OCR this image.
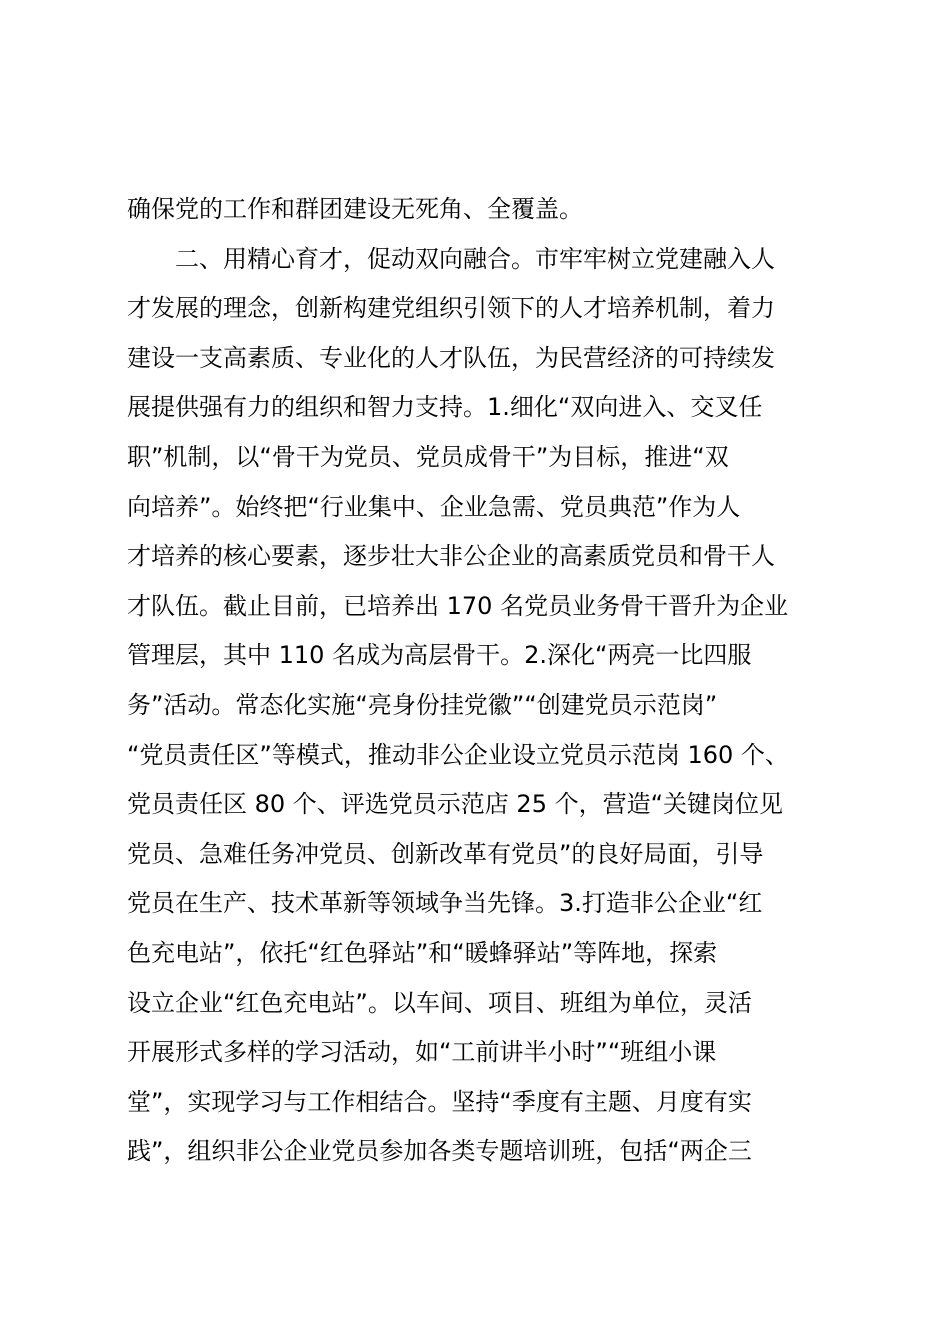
确保党的工作和群团建设无死角、全覆盖。
　　二、用精心育才，促动双向融合。市牢牢树立党建融入人
才发展的理念，创新构建党组织引领下的人才培养机制，着力
建设一支高素质、专业化的人才队伍，为民营经济的可持续发
展提供强有力的组织和智力支持。1.细化“双向进入、交叉任
职”机制，以“骨干为党员、党员成骨干”为目标，推进“双
向培养”。始终把“行业集中、企业急需、党员典范”作为人
才培养的核心要素，逐步壮大非公企业的高素质党员和骨干人
才队伍。截止目前，已培养出 170 名党员业务骨干晋升为企业
管理层，其中 110 名成为高层骨干。2.深化“两亮一比四服
务”活动。常态化实施“亮身份挂党徽”“创建党员示范岗”
“党员责任区”等模式，推动非公企业设立党员示范岗 160 个、
党员责任区 80 个、评选党员示范店 25 个，营造“关键岗位见
党员、急难任务冲党员、创新改革有党员”的良好局面，引导
党员在生产、技术革新等领域争当先锋。3.打造非公企业“红
色充电站”，依托“红色驿站”和“暖蜂驿站”等阵地，探索
设立企业“红色充电站”。以车间、项目、班组为单位，灵活
开展形式多样的学习活动，如“工前讲半小时”“班组小课
堂”，实现学习与工作相结合。坚持“季度有主题、月度有实
践”，组织非公企业党员参加各类专题培训班，包括“两企三
